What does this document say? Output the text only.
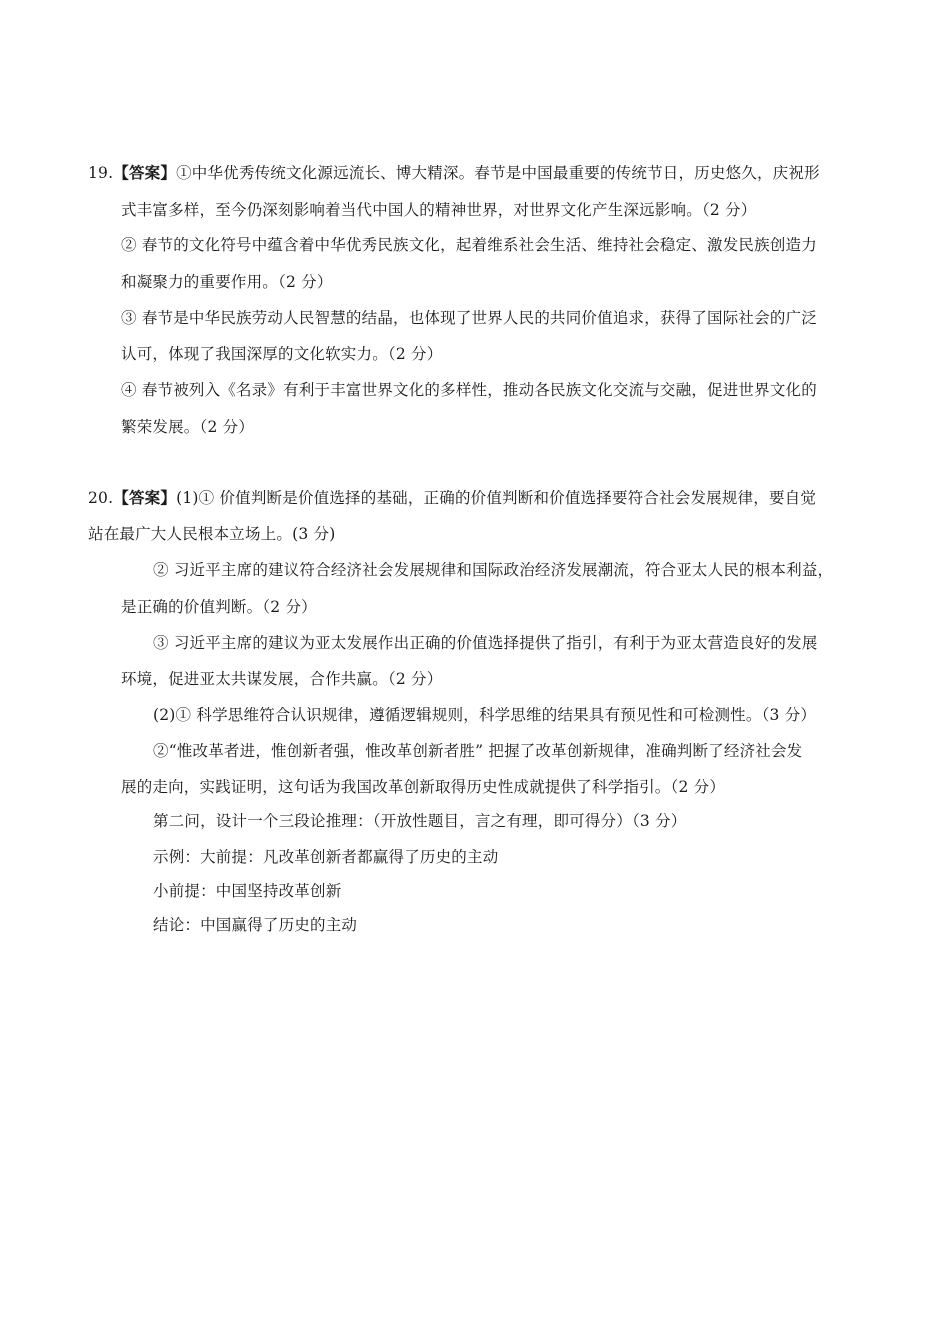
19.【答案】①中华优秀传统文化源远流长、博大精深。春节是中国最重要的传统节日，历史悠久，庆祝形
式丰富多样，至今仍深刻影响着当代中国人的精神世界，对世界文化产生深远影响。（2 分）
② 春节的文化符号中蕴含着中华优秀民族文化，起着维系社会生活、维持社会稳定、激发民族创造力
和凝聚力的重要作用。（2 分）
③ 春节是中华民族劳动人民智慧的结晶，也体现了世界人民的共同价值追求，获得了国际社会的广泛
认可，体现了我国深厚的文化软实力。（2 分）
④ 春节被列入《名录》有利于丰富世界文化的多样性，推动各民族文化交流与交融，促进世界文化的
繁荣发展。（2 分）
20.【答案】(1)① 价值判断是价值选择的基础，正确的价值判断和价值选择要符合社会发展规律，要自觉
站在最广大人民根本立场上。(3 分)
② 习近平主席的建议符合经济社会发展规律和国际政治经济发展潮流，符合亚太人民的根本利益，
是正确的价值判断。（2 分）
③ 习近平主席的建议为亚太发展作出正确的价值选择提供了指引，有利于为亚太营造良好的发展
环境，促进亚太共谋发展，合作共赢。（2 分）
(2)① 科学思维符合认识规律，遵循逻辑规则，科学思维的结果具有预见性和可检测性。（3 分）
②“惟改革者进，惟创新者强，惟改革创新者胜” 把握了改革创新规律，准确判断了经济社会发
展的走向，实践证明，这句话为我国改革创新取得历史性成就提供了科学指引。（2 分）
第二问，设计一个三段论推理：（开放性题目，言之有理，即可得分）（3 分）
示例：大前提：凡改革创新者都赢得了历史的主动
小前提：中国坚持改革创新
结论：中国赢得了历史的主动
